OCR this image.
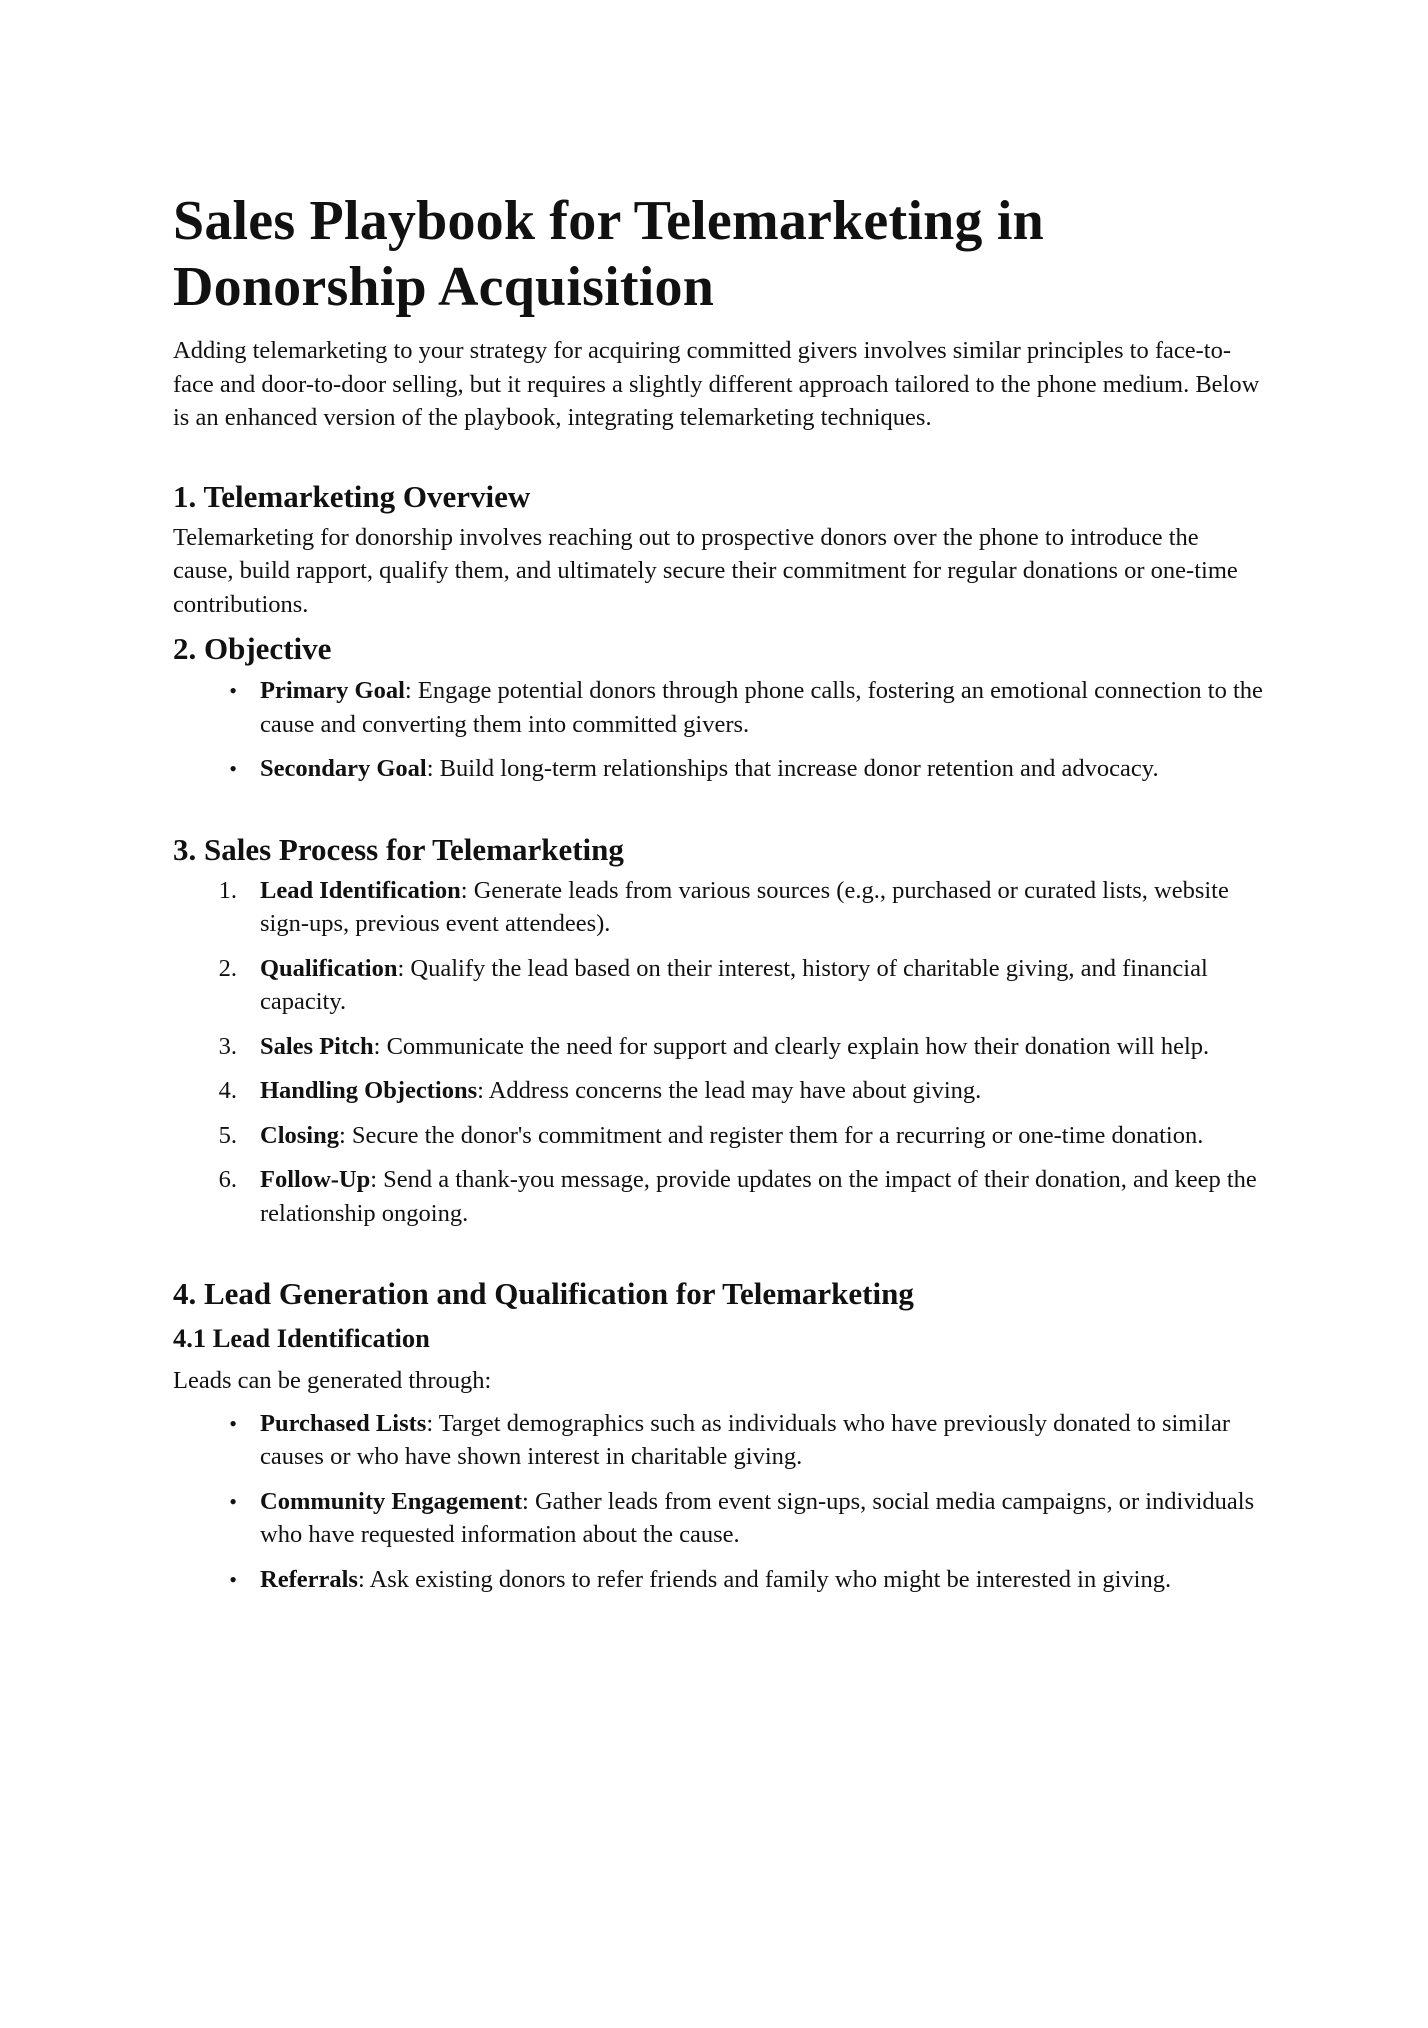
Sales Playbook for Telemarketing in Donorship Acquisition

Adding telemarketing to your strategy for acquiring committed givers involves similar principles to face-to-face and door-to-door selling, but it requires a slightly different approach tailored to the phone medium. Below is an enhanced version of the playbook, integrating telemarketing techniques.

1. Telemarketing Overview

Telemarketing for donorship involves reaching out to prospective donors over the phone to introduce the cause, build rapport, qualify them, and ultimately secure their commitment for regular donations or one-time contributions.

2. Objective
• Primary Goal: Engage potential donors through phone calls, fostering an emotional connection to the cause and converting them into committed givers.
• Secondary Goal: Build long-term relationships that increase donor retention and advocacy.
3. Sales Process for Telemarketing
1. Lead Identification: Generate leads from various sources (e.g., purchased or curated lists, website sign-ups, previous event attendees).
2. Qualification: Qualify the lead based on their interest, history of charitable giving, and financial capacity.
3. Sales Pitch: Communicate the need for support and clearly explain how their donation will help.
4. Handling Objections: Address concerns the lead may have about giving.
5. Closing: Secure the donor's commitment and register them for a recurring or one-time donation.
6. Follow-Up: Send a thank-you message, provide updates on the impact of their donation, and keep the relationship ongoing.
4. Lead Generation and Qualification for Telemarketing
4.1 Lead Identification

Leads can be generated through:

• Purchased Lists: Target demographics such as individuals who have previously donated to similar causes or who have shown interest in charitable giving.
• Community Engagement: Gather leads from event sign-ups, social media campaigns, or individuals who have requested information about the cause.
• Referrals: Ask existing donors to refer friends and family who might be interested in giving.
